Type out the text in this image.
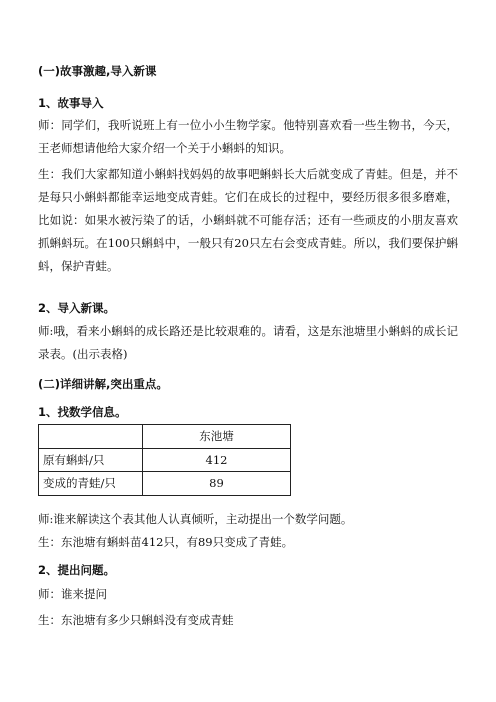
(一)故事激趣,导入新课
1、故事导入
师：同学们，我听说班上有一位小小生物学家。他特别喜欢看一些生物书，今天，王老师想请他给大家介绍一个关于小蝌蚪的知识。
生：我们大家都知道小蝌蚪找妈妈的故事吧蝌蚪长大后就变成了青蛙。但是，并不是每只小蝌蚪都能幸运地变成青蛙。它们在成长的过程中，要经历很多很多磨难，比如说：如果水被污染了的话，小蝌蚪就不可能存活；还有一些顽皮的小朋友喜欢抓蝌蚪玩。在100只蝌蚪中，一般只有20只左右会变成青蛙。所以，我们要保护蝌蚪，保护青蛙。
2、导入新课。
师:哦，看来小蝌蚪的成长路还是比较艰难的。请看，这是东池塘里小蝌蚪的成长记录表。(出示表格)
(二)详细讲解,突出重点。
1、找数学信息。
	东池塘
原有蝌蚪/只	412
变成的青蛙/只	89
师:谁来解读这个表其他人认真倾听，主动提出一个数学问题。
生：东池塘有蝌蚪苗412只，有89只变成了青蛙。
2、提出问题。
师：谁来提问
生：东池塘有多少只蝌蚪没有变成青蛙
